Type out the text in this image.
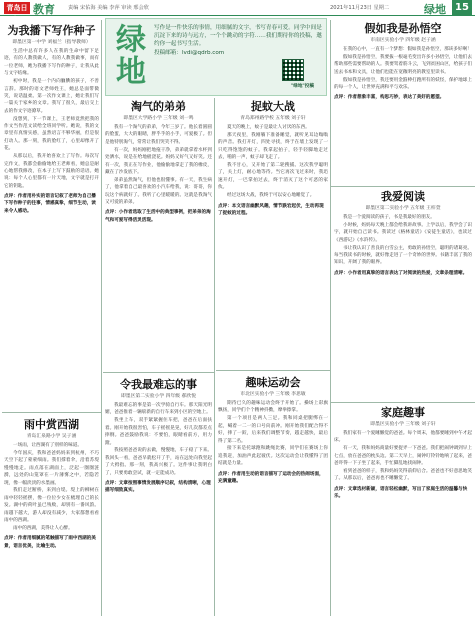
青岛日报
教育	责编 宋佑海 美编 李萍 审读 邢会欣	2021年11月23日 星期二	绿地 15
绿地 写作是一件快乐的事情，用细腻的文字，书写青春可爱。同学中间是沉淀下来的诗与远方，一个个跳动的字符……我们期待你的投稿，邀约你一起书写生活。
投稿邮箱：lvdi@qdrb.com
"绿地"投稿
为我播下写作种子
即墨区第一中学 刘福兰（指导教师）

生活中总有许多人在我的生命中留下足迹，有的人教我做人，有的人教我做事，而有一位老师，她为我播下写作的种子，让我从此与文字结缘。

初中时，我是一个内向腼腆的孩子，不善言辞。那时的语文老师姓王，她总是面带微笑，说话温柔。第一次作文课上，她让我们写一篇关于家乡的文章。我写了很久，最后交上去的作文字迹潦草。

没想到，下一节课上，王老师竟然把我的作文当作范文读给全班同学听。她说，我的文章里有真情实感，虽然语言不够华丽，但是很打动人。那一刻，我的脸红了，心里却像开了花。

从那以后，我开始喜欢上了写作。每次写完作文，我都会偷偷地给王老师看，她总是耐心地帮我修改，在本子上写下鼓励的话语。她说：每个人心里都有一片天地，文字就是打开它的钥匙。

点评：作者用朴实的语言记叙了老师为自己播下写作种子的往事，情感真挚，细节生动，读来令人感动。
雨中赏西湖
青岛汇泉路小学 吴子涵

一场雨，让西湖有了别样的味道。

今年国庆，我和爸爸妈妈来到杭州，不巧天空下起了蒙蒙细雨。我们撑着伞，沿着苏堤慢慢地走。雨点落在湖面上，泛起一圈圈涟漪，远处的山笼罩在一片薄雾之中，若隐若现，像一幅淡淡的水墨画。

我们走过断桥，来到白堤。堤上的柳树在雨中轻轻摇摆，像一位位少女在梳理自己的长发。湖中的荷叶虽已残败，却别有一番风韵。雨越下越大，游人却没有减少，大家都想看看雨中的西湖。

雨中的西湖，美得让人心醉。

点评：作者用细腻的笔触描写了雨中西湖的美景，语言优美，比喻生动。
淘气的弟弟
即墨区大学路小学 三年级 刘一鸣

我有一个淘气的弟弟，今年三岁了。他长着圆圆的脸蛋，大大的眼睛，胖乎乎的小手，可爱极了。但是他特别淘气，常常让我们哭笑不得。

有一次，妈妈刚把地拖干净，弟弟就拿着水杯到处洒水，说是在给地板浇花。妈妈又好气又好笑。还有一次，我正在写作业，他偷偷地拿走了我的橡皮，藏在了沙发底下。

弟弟虽然淘气，但他也很懂事。有一天，我生病了，他拿着自己最喜欢的小汽车给我，说：哥哥，你玩这个病就好了。我听了心里暖暖的。这就是我淘气又可爱的弟弟。

点评：小作者选取了生活中的典型事例，把弟弟的淘气和可爱写得活灵活现。
令我最难忘的事
即墨区第二实验小学 四年级 郝欣悦

我最难忘的事是第一次学骑自行车。那天阳光明媚，爸爸推着一辆崭新的自行车来到小区的空地上。

我坐上车，双手紧紧握住车把，爸爸在后面扶着。刚开始我很害怕，车子摇摇晃晃，好几次都差点摔倒。爸爸鼓励我说：不要怕，眼睛看前方，用力蹬。

我按照爸爸说的去做，慢慢地，车子稳了下来。我回头一看，爸爸早就松开了手，站在远处向我竖起了大拇指。那一刻，我高兴极了。这件事让我明白了，只要勇敢尝试，就一定能成功。

点评：文章按照事情发展顺序记叙，结构清晰，心理描写细致真实。
捉蚊大战
青岛郑州路学校 五年级 刘子轩

夏天的晚上，蚊子是最让人讨厌的东西。

那天夜里，我刚躺下准备睡觉，就听见耳边嗡嗡的声音。我打开灯，四处寻找，终于在墙上发现了一只吃得饱饱的蚊子。我拿起拍子，轻手轻脚地走过去，啪的一声，蚊子却飞走了。

我不甘心，又开始了第二轮搜捕。这次我学聪明了，关上灯，耐心地等待。当它再次飞过来时，我迅速开灯，一巴掌拍过去，终于消灭了这个可恶的家伙。

经过这场大战，我终于可以安心地睡觉了。

点评：本文语言幽默风趣，情节跌宕起伏，生动再现了捉蚊的过程。
趣味运动会
市北区实验小学 三年级 李思敏

期待已久的趣味运动会终于开始了。操场上彩旗飘扬，同学们个个精神抖擞，摩拳擦掌。

第一个项目是两人三足。我和同桌把腿绑在一起，喊着一二一的口号向前冲。刚开始我们配合得不好，摔了一跤，后来我们调整节奏，越走越快，最后得了第二名。

接下来是托球跑和跳绳比赛，同学们在赛场上你追我赶，加油声此起彼伏。这次运动会让我懂得了团结就是力量。

点评：作者用生动的语言描写了运动会的热闹场面，充满童趣。
假如我是孙悟空
市南区实验小学 四年级 赵子涵

在我的心中，一直有一个梦想：假如我是孙悟空，那该多好啊！

假如我是孙悟空，我要拔一根毫毛变出许多小孙悟空，让他们去帮助那些需要帮助的人。我要驾着筋斗云，飞到贫困山区，给孩子们送去书本和文具，让他们也能在宽敞明亮的教室里读书。

假如我是孙悟空，我还要用金箍棒打跑所有的妖怪，保护地球上的每一个人，让世界充满和平与欢乐。

点评：作者想象丰富，构思巧妙，表达了美好的愿望。
我爱阅读
即墨区第二实验小学 五年级 王梓萱

我是一个爱阅读的孩子，书是我最好的朋友。

小时候，妈妈每天晚上都会给我讲故事。上学以后，我学会了识字，就开始自己读书。我读过《格林童话》《安徒生童话》，也读过《西游记》《水浒传》。

书让我认识了善良的白雪公主，勇敢的孙悟空，聪明的诸葛亮。每当我读书的时候，就好像走进了一个奇妙的世界。书籍丰富了我的知识，开阔了我的眼界。

点评：小作者用真挚的语言表达了对阅读的热爱，文章条理清晰。
家庭趣事
即墨区实验小学 三年级 刘子轩

我们家有一个爱睡懒觉的爸爸。每个周末，他都要睡到中午才起床。

有一天，我和妈妈商量好要捉弄一下爸爸。我们把闹钟调到早上七点，放在爸爸的枕头边。第二天早上，闹钟叮铃铃地响了起来，爸爸吓得一下子坐了起来，手忙脚乱地找闹钟。

看到爸爸的样子，我和妈妈笑得前仰后合。爸爸也不好意思地笑了。从那以后，爸爸再也不睡懒觉了。

点评：文章选材新颖，语言轻松幽默，写出了家庭生活的温馨与快乐。
